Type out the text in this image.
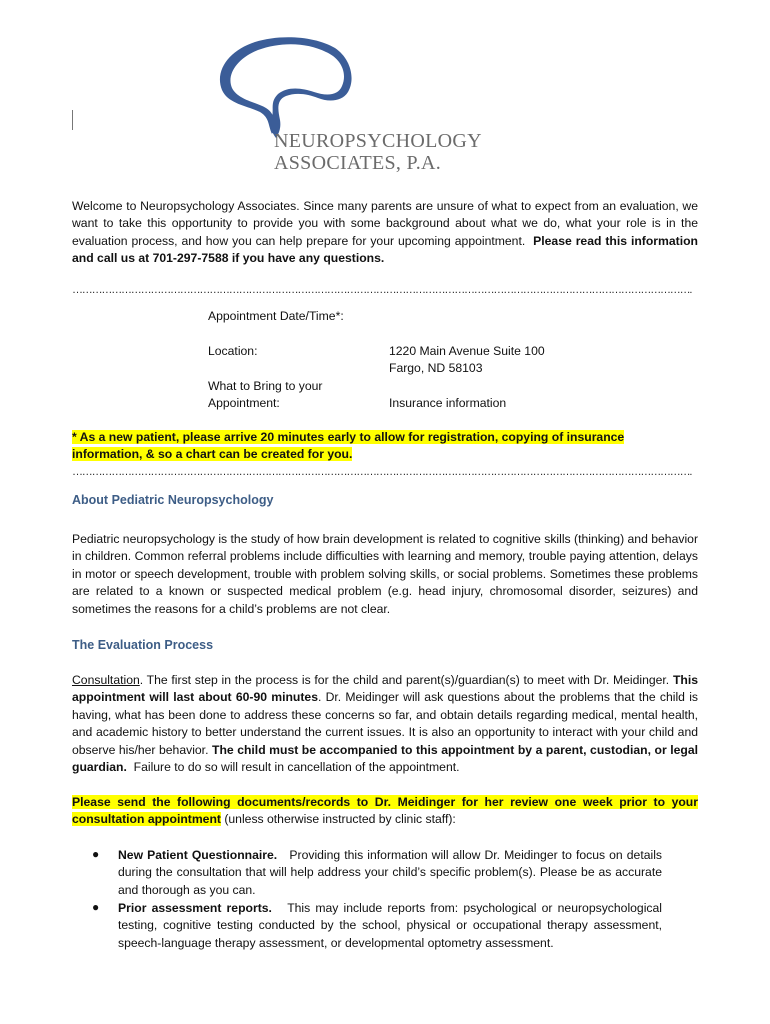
NEUROPSYCHOLOGY
ASSOCIATES, P.A.
Welcome to Neuropsychology Associates. Since many parents are unsure of what to expect from an evaluation, we want to take this opportunity to provide you with some background about what we do, what your role is in the evaluation process, and how you can help prepare for your upcoming appointment. Please read this information and call us at 701-297-7588 if you have any questions.
……………………………………………………………………………………………………………………………………………………………………….
Appointment Date/Time*:
Location:	1220 Main Avenue Suite 100
Fargo, ND 58103
What to Bring to your
Appointment:	Insurance information
* As a new patient, please arrive 20 minutes early to allow for registration, copying of insurance
information, & so a chart can be created for you.
……………………………………………………………………………………………………………………………………………………………………….
About Pediatric Neuropsychology
Pediatric neuropsychology is the study of how brain development is related to cognitive skills (thinking) and behavior in children. Common referral problems include difficulties with learning and memory, trouble paying attention, delays in motor or speech development, trouble with problem solving skills, or social problems. Sometimes these problems are related to a known or suspected medical problem (e.g. head injury, chromosomal disorder, seizures) and sometimes the reasons for a child’s problems are not clear.
The Evaluation Process
Consultation. The first step in the process is for the child and parent(s)/guardian(s) to meet with Dr. Meidinger. This appointment will last about 60-90 minutes. Dr. Meidinger will ask questions about the problems that the child is having, what has been done to address these concerns so far, and obtain details regarding medical, mental health, and academic history to better understand the current issues. It is also an opportunity to interact with your child and observe his/her behavior. The child must be accompanied to this appointment by a parent, custodian, or legal guardian. Failure to do so will result in cancellation of the appointment.
Please send the following documents/records to Dr. Meidinger for her review one week prior to your consultation appointment (unless otherwise instructed by clinic staff):
● New Patient Questionnaire. Providing this information will allow Dr. Meidinger to focus on details during the consultation that will help address your child’s specific problem(s). Please be as accurate and thorough as you can.
● Prior assessment reports. This may include reports from: psychological or neuropsychological testing, cognitive testing conducted by the school, physical or occupational therapy assessment, speech-language therapy assessment, or developmental optometry assessment.
